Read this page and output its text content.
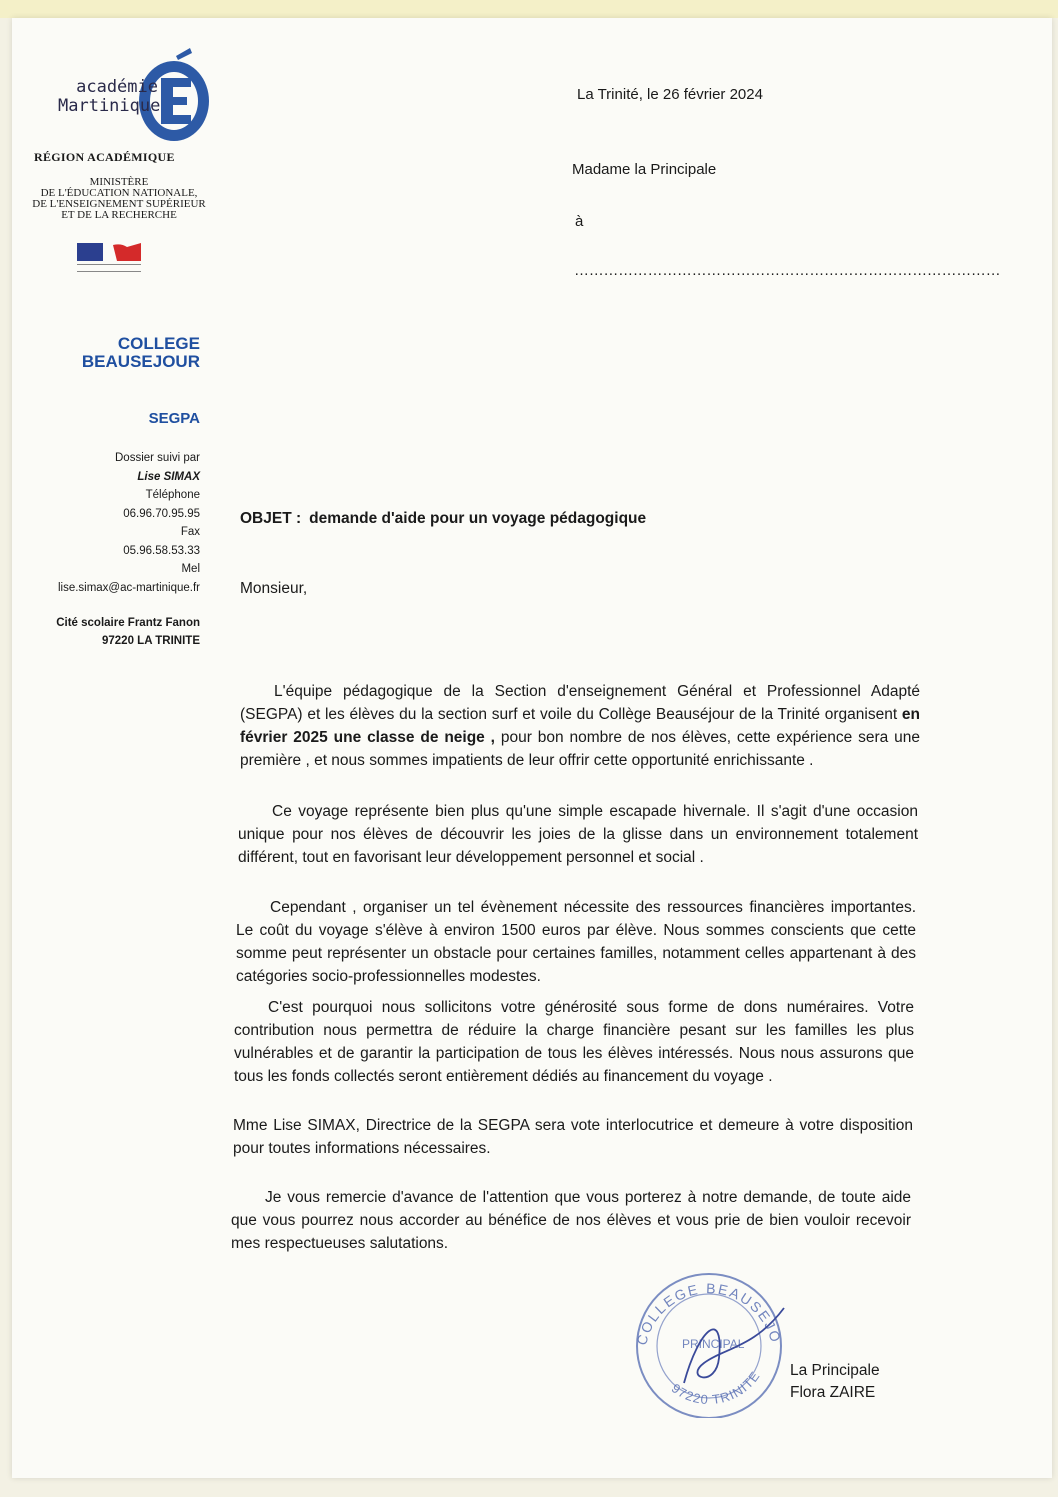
académie
Martinique
RÉGION ACADÉMIQUE
MINISTÈRE
DE L'ÉDUCATION NATIONALE,
DE L'ENSEIGNEMENT SUPÉRIEUR
ET DE LA RECHERCHE
COLLEGE
BEAUSEJOUR
SEGPA
Dossier suivi par
Lise SIMAX
Téléphone
06.96.70.95.95
Fax
05.96.58.53.33
Mel
lise.simax@ac-martinique.fr
Cité scolaire Frantz Fanon
97220 LA TRINITE
La Trinité, le 26 février 2024
Madame la Principale
à
……………………………………………………………………………
OBJET : demande d'aide pour un voyage pédagogique
Monsieur,
L'équipe pédagogique de la Section d'enseignement Général et Professionnel Adapté (SEGPA) et les élèves du la section surf et voile du Collège Beauséjour de la Trinité organisent en février 2025 une classe de neige , pour bon nombre de nos élèves, cette expérience sera une première , et nous sommes impatients de leur offrir cette opportunité enrichissante .
Ce voyage représente bien plus qu'une simple escapade hivernale. Il s'agit d'une occasion unique pour nos élèves de découvrir les joies de la glisse dans un environnement totalement différent, tout en favorisant leur développement personnel et social .
Cependant , organiser un tel évènement nécessite des ressources financières importantes. Le coût du voyage s'élève à environ 1500 euros par élève. Nous sommes conscients que cette somme peut représenter un obstacle pour certaines familles, notamment celles appartenant à des catégories socio-professionnelles modestes.
C'est pourquoi nous sollicitons votre générosité sous forme de dons numéraires. Votre contribution nous permettra de réduire la charge financière pesant sur les familles les plus vulnérables et de garantir la participation de tous les élèves intéressés. Nous nous assurons que tous les fonds collectés seront entièrement dédiés au financement du voyage .
Mme Lise SIMAX, Directrice de la SEGPA sera vote interlocutrice et demeure à votre disposition pour toutes informations nécessaires.
Je vous remercie d'avance de l'attention que vous porterez à notre demande, de toute aide que vous pourrez nous accorder au bénéfice de nos élèves et vous prie de bien vouloir recevoir mes respectueuses salutations.
COLLEGE BEAUSEJO
PRINCIPAL
97220 TRINITE La Principale
Flora ZAIRE
